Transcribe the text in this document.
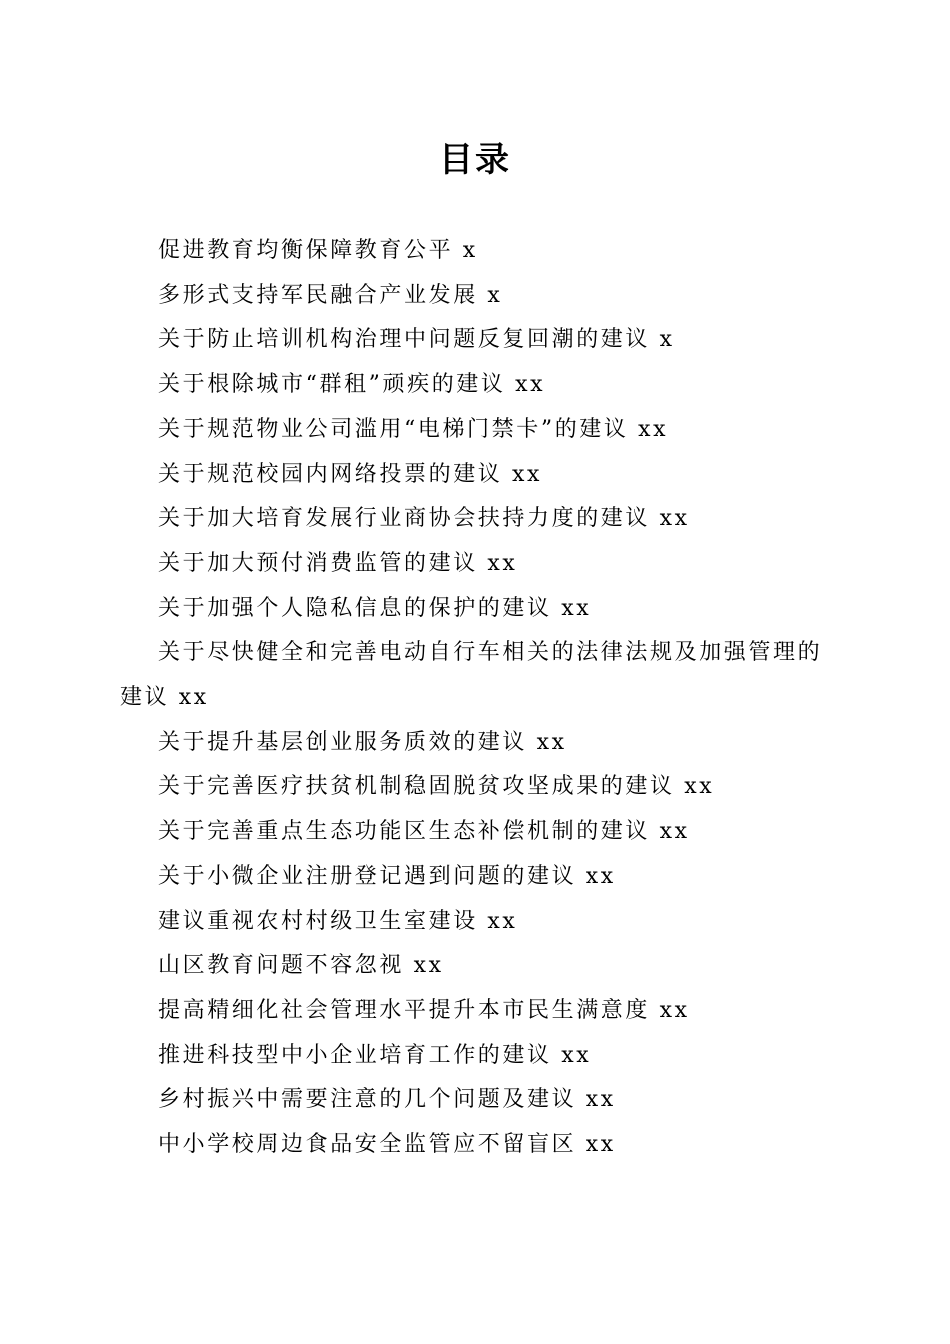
目录
促进教育均衡保障教育公平 x
多形式支持军民融合产业发展 x
关于防止培训机构治理中问题反复回潮的建议 x
关于根除城市“群租”顽疾的建议 xx
关于规范物业公司滥用“电梯门禁卡”的建议 xx
关于规范校园内网络投票的建议 xx
关于加大培育发展行业商协会扶持力度的建议 xx
关于加大预付消费监管的建议 xx
关于加强个人隐私信息的保护的建议 xx
关于尽快健全和完善电动自行车相关的法律法规及加强管理的建议 xx
关于提升基层创业服务质效的建议 xx
关于完善医疗扶贫机制稳固脱贫攻坚成果的建议 xx
关于完善重点生态功能区生态补偿机制的建议 xx
关于小微企业注册登记遇到问题的建议 xx
建议重视农村村级卫生室建设 xx
山区教育问题不容忽视 xx
提高精细化社会管理水平提升本市民生满意度 xx
推进科技型中小企业培育工作的建议 xx
乡村振兴中需要注意的几个问题及建议 xx
中小学校周边食品安全监管应不留盲区 xx
